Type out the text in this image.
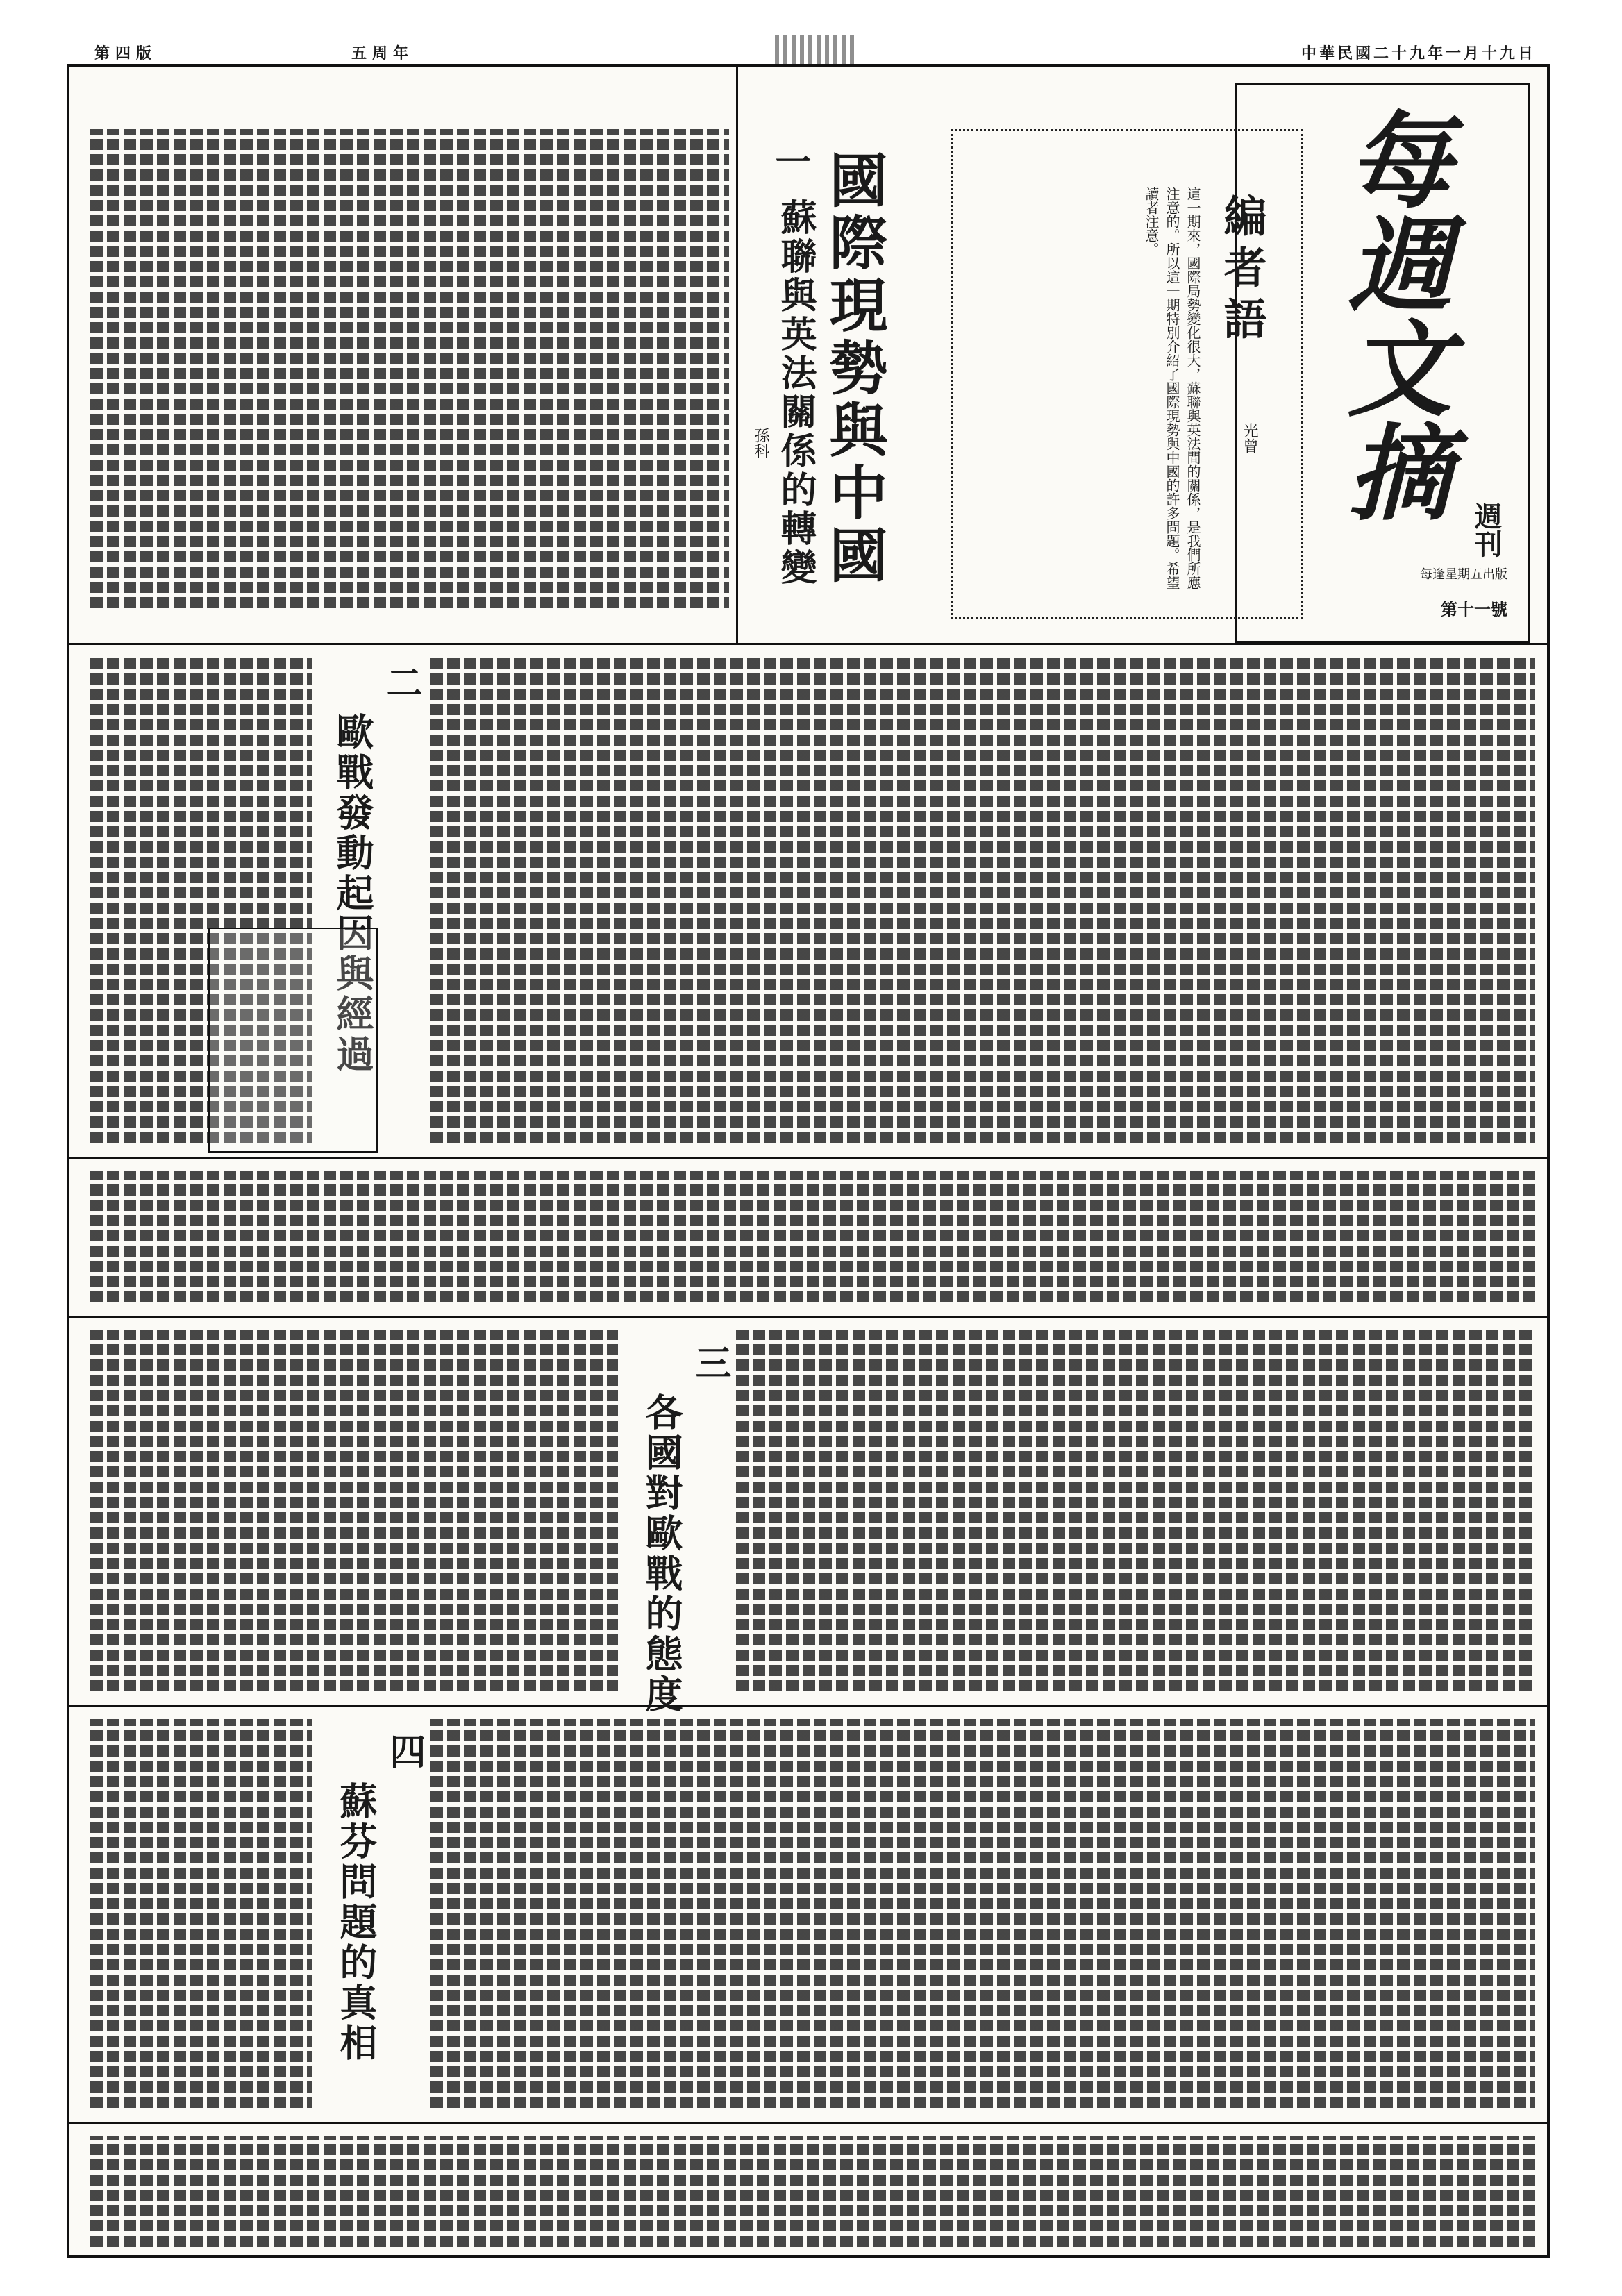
第四版	五周年	中華民國二十九年一月十九日
每週文摘
週刊
每逢星期五出版
第十一號
編者語
光曾
這一期來，國際局勢變化很大，蘇聯與英法間的關係，是我們所應注意的。所以這一期特別介紹了國際現勢與中國的許多問題。希望讀者注意。
國際現勢與中國
一
蘇聯與英法關係的轉變
孫科
二
歐戰發動起因與經過
三
各國對歐戰的態度
四
蘇芬問題的真相
